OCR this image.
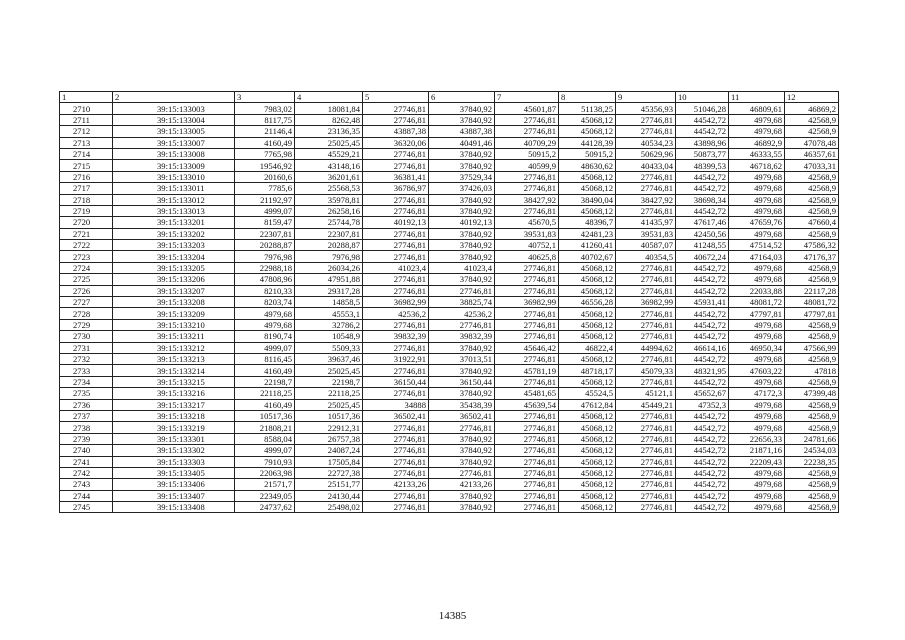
1	2	3	4	5	6	7	8	9	10	11	12
2710	39:15:133003	7983,02	18081,84	27746,81	37840,92	45601,87	51138,25	45356,93	51046,28	46809,61	46869,2
2711	39:15:133004	8117,75	8262,48	27746,81	37840,92	27746,81	45068,12	27746,81	44542,72	4979,68	42568,9
2712	39:15:133005	21146,4	23136,35	43887,38	43887,38	27746,81	45068,12	27746,81	44542,72	4979,68	42568,9
2713	39:15:133007	4160,49	25025,45	36320,06	40491,46	40709,29	44128,39	40534,23	43898,96	46892,9	47078,48
2714	39:15:133008	7765,98	45529,21	27746,81	37840,92	50915,2	50915,2	50629,96	50873,77	46333,55	46357,61
2715	39:15:133009	19546,92	43148,16	27746,81	37840,92	40599,9	48630,62	40433,04	48399,53	46718,62	47033,31
2716	39:15:133010	20160,6	36201,61	36381,41	37529,34	27746,81	45068,12	27746,81	44542,72	4979,68	42568,9
2717	39:15:133011	7785,6	25568,53	36786,97	37426,03	27746,81	45068,12	27746,81	44542,72	4979,68	42568,9
2718	39:15:133012	21192,97	35978,81	27746,81	37840,92	38427,92	38490,04	38427,92	38698,34	4979,68	42568,9
2719	39:15:133013	4999,07	26258,16	27746,81	37840,92	27746,81	45068,12	27746,81	44542,72	4979,68	42568,9
2720	39:15:133201	8159,47	25744,78	40192,13	40192,13	45670,5	48396,7	41435,97	47617,46	47659,76	47660,4
2721	39:15:133202	22307,81	22307,81	27746,81	37840,92	39531,83	42481,23	39531,83	42450,56	4979,68	42568,9
2722	39:15:133203	20288,87	20288,87	27746,81	37840,92	40752,1	41260,41	40587,07	41248,55	47514,52	47586,32
2723	39:15:133204	7976,98	7976,98	27746,81	37840,92	40625,8	40702,67	40354,5	40672,24	47164,03	47176,37
2724	39:15:133205	22988,18	26034,26	41023,4	41023,4	27746,81	45068,12	27746,81	44542,72	4979,68	42568,9
2725	39:15:133206	47808,96	47951,88	27746,81	37840,92	27746,81	45068,12	27746,81	44542,72	4979,68	42568,9
2726	39:15:133207	8210,33	29317,28	27746,81	27746,81	27746,81	45068,12	27746,81	44542,72	22033,88	22117,28
2727	39:15:133208	8203,74	14858,5	36982,99	38825,74	36982,99	46556,28	36982,99	45931,41	48081,72	48081,72
2728	39:15:133209	4979,68	45553,1	42536,2	42536,2	27746,81	45068,12	27746,81	44542,72	47797,81	47797,81
2729	39:15:133210	4979,68	32786,2	27746,81	27746,81	27746,81	45068,12	27746,81	44542,72	4979,68	42568,9
2730	39:15:133211	8190,74	10548,9	39832,39	39832,39	27746,81	45068,12	27746,81	44542,72	4979,68	42568,9
2731	39:15:133212	4999,07	5509,33	27746,81	37840,92	45646,42	46822,4	44994,62	46614,16	46950,34	47566,99
2732	39:15:133213	8116,45	39637,46	31922,91	37013,51	27746,81	45068,12	27746,81	44542,72	4979,68	42568,9
2733	39:15:133214	4160,49	25025,45	27746,81	37840,92	45781,19	48718,17	45079,33	48321,95	47603,22	47818
2734	39:15:133215	22198,7	22198,7	36150,44	36150,44	27746,81	45068,12	27746,81	44542,72	4979,68	42568,9
2735	39:15:133216	22118,25	22118,25	27746,81	37840,92	45481,65	45524,5	45121,1	45652,67	47172,3	47399,48
2736	39:15:133217	4160,49	25025,45	34888	35438,39	45639,54	47612,84	45449,21	47352,3	4979,68	42568,9
2737	39:15:133218	10517,36	10517,36	36502,41	36502,41	27746,81	45068,12	27746,81	44542,72	4979,68	42568,9
2738	39:15:133219	21808,21	22912,31	27746,81	27746,81	27746,81	45068,12	27746,81	44542,72	4979,68	42568,9
2739	39:15:133301	8588,04	26757,38	27746,81	37840,92	27746,81	45068,12	27746,81	44542,72	22656,33	24781,66
2740	39:15:133302	4999,07	24087,24	27746,81	37840,92	27746,81	45068,12	27746,81	44542,72	21871,16	24534,03
2741	39:15:133303	7910,93	17505,84	27746,81	37840,92	27746,81	45068,12	27746,81	44542,72	22209,43	22238,35
2742	39:15:133405	22063,98	22727,38	27746,81	27746,81	27746,81	45068,12	27746,81	44542,72	4979,68	42568,9
2743	39:15:133406	21571,7	25151,77	42133,26	42133,26	27746,81	45068,12	27746,81	44542,72	4979,68	42568,9
2744	39:15:133407	22349,05	24130,44	27746,81	37840,92	27746,81	45068,12	27746,81	44542,72	4979,68	42568,9
2745	39:15:133408	24737,62	25498,02	27746,81	37840,92	27746,81	45068,12	27746,81	44542,72	4979,68	42568,9
14385
